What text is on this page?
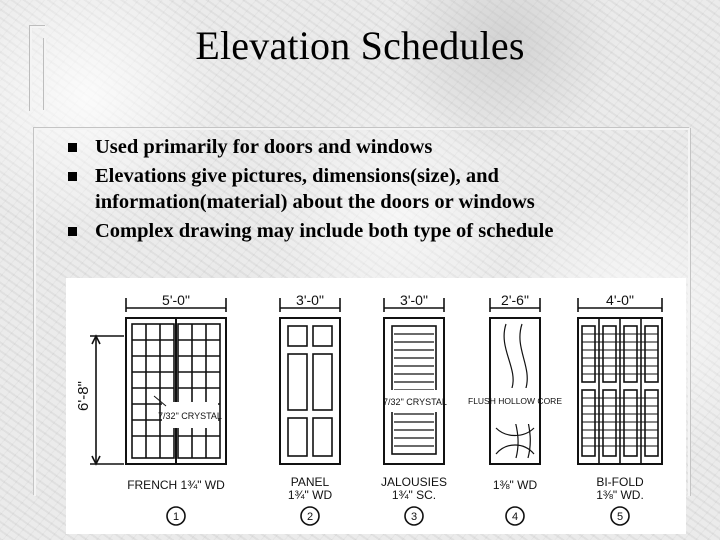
Elevation Schedules
Used primarily for doors and windows
Elevations give pictures, dimensions(size), and information(material) about the doors or windows
Complex drawing may include both type of schedule
6'-8"
5'-0"
7/32" CRYSTAL
FRENCH 1¾" WD
1
3'-0"
PANEL
1¾" WD
2
3'-0"
7/32" CRYSTAL
JALOUSIES
1¾" SC.
3
2'-6"
FLUSH HOLLOW CORE
1⅜" WD
4
4'-0"
BI-FOLD
1⅜" WD.
5
